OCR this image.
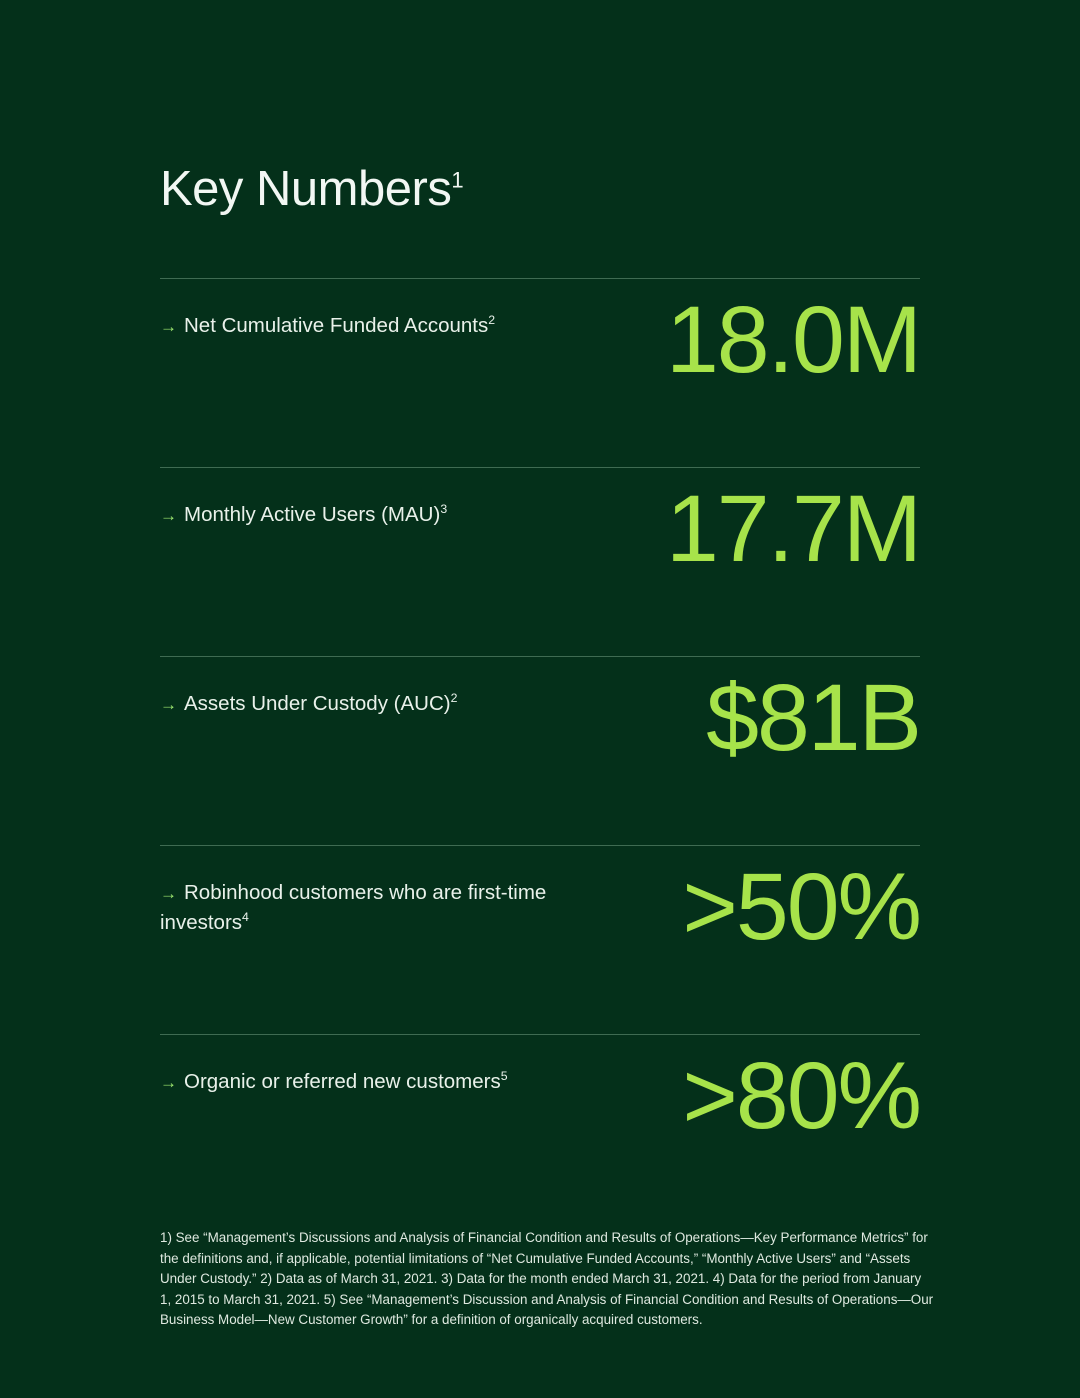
Key Numbers$^1$
→ Net Cumulative Funded Accounts$^2$	18.0M
→ Monthly Active Users (MAU)$^3$	17.7M
→ Assets Under Custody (AUC)$^2$	$81B
→ Robinhood customers who are first-time investors$^4$	>50%
→ Organic or referred new customers$^5$	>80%
1) See “Management’s Discussions and Analysis of Financial Condition and Results of Operations—Key Performance Metrics” for the definitions and, if applicable, potential limitations of “Net Cumulative Funded Accounts,” “Monthly Active Users” and “Assets Under Custody.” 2) Data as of March 31, 2021. 3) Data for the month ended March 31, 2021. 4) Data for the period from January 1, 2015 to March 31, 2021. 5) See “Management’s Discussion and Analysis of Financial Condition and Results of Operations—Our Business Model—New Customer Growth” for a definition of organically acquired customers.
